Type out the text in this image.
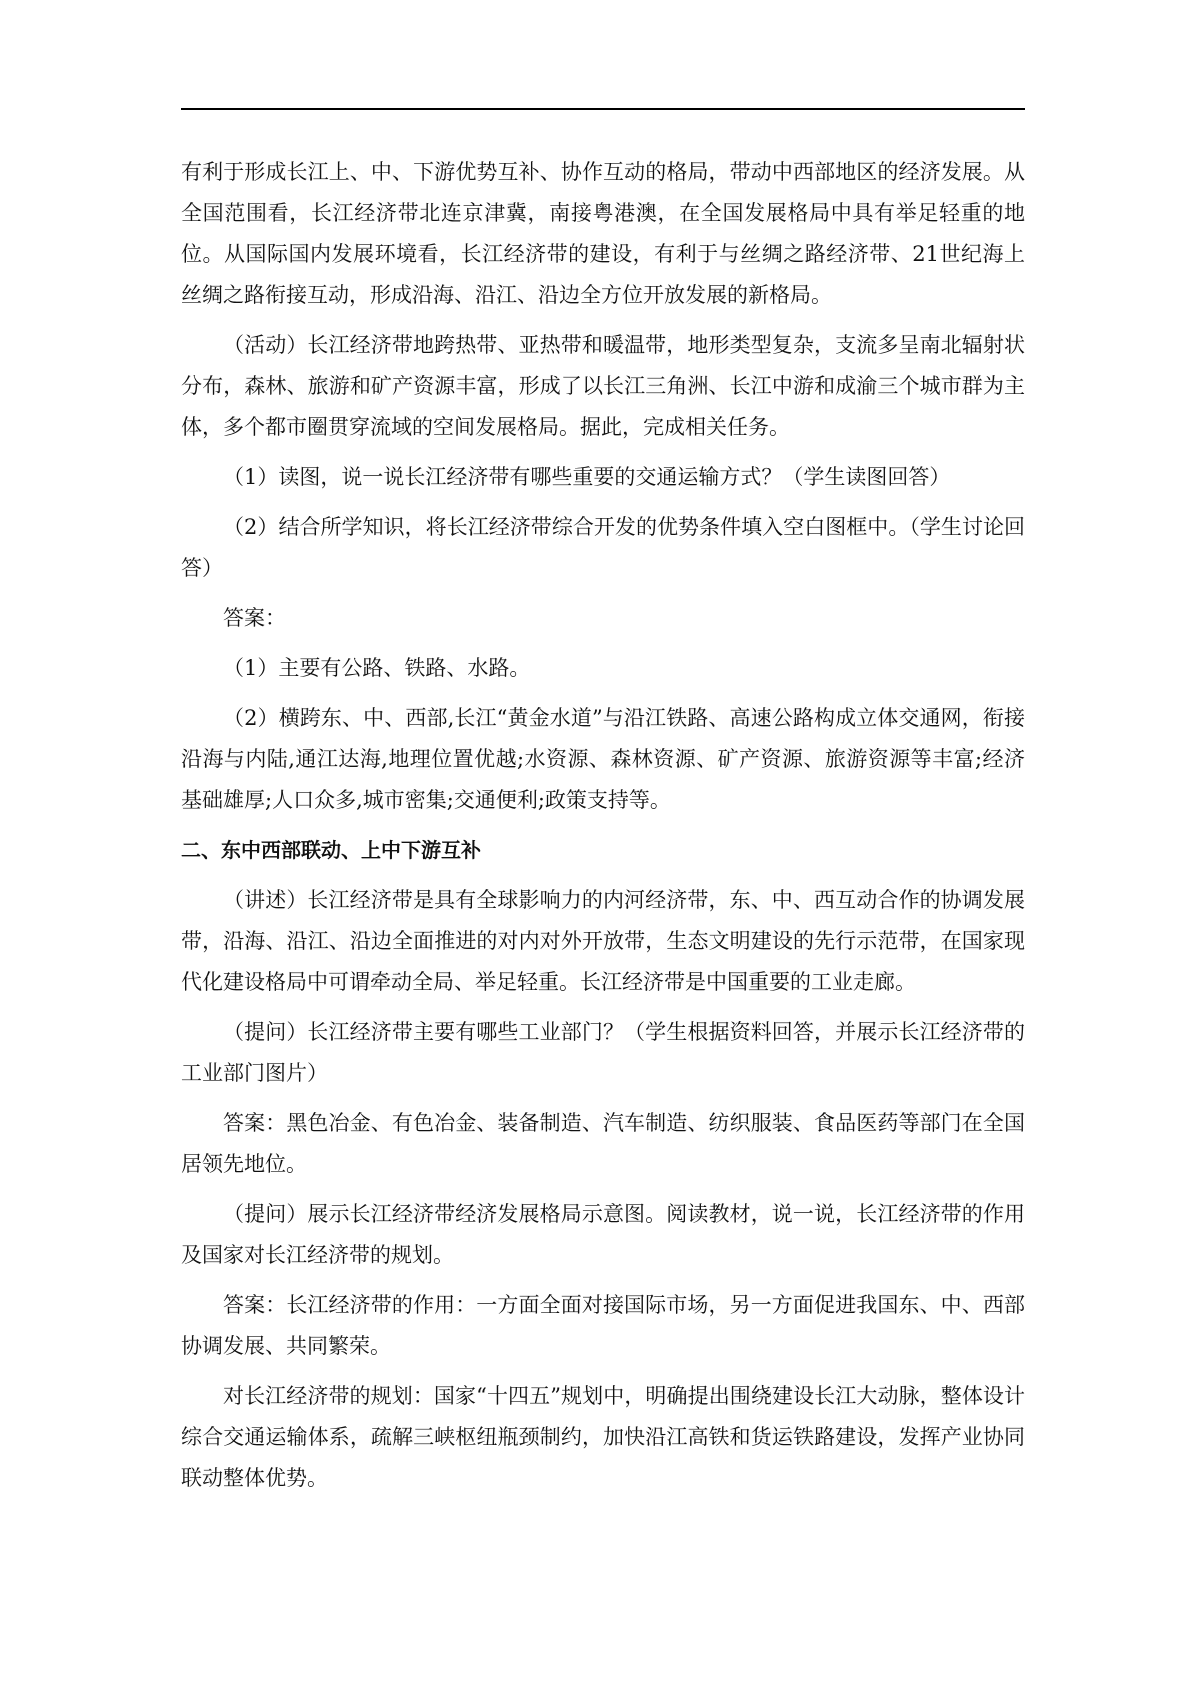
有利于形成长江上、中、下游优势互补、协作互动的格局，带动中西部地区的经济发展。从全国范围看，长江经济带北连京津冀，南接粤港澳，在全国发展格局中具有举足轻重的地位。从国际国内发展环境看，长江经济带的建设，有利于与丝绸之路经济带、21世纪海上丝绸之路衔接互动，形成沿海、沿江、沿边全方位开放发展的新格局。

（活动）长江经济带地跨热带、亚热带和暖温带，地形类型复杂，支流多呈南北辐射状分布，森林、旅游和矿产资源丰富，形成了以长江三角洲、长江中游和成渝三个城市群为主体，多个都市圈贯穿流域的空间发展格局。据此，完成相关任务。

（1）读图，说一说长江经济带有哪些重要的交通运输方式？（学生读图回答）

（2）结合所学知识，将长江经济带综合开发的优势条件填入空白图框中。（学生讨论回答）

答案：

（1）主要有公路、铁路、水路。

（2）横跨东、中、西部,长江“黄金水道”与沿江铁路、高速公路构成立体交通网，衔接沿海与内陆,通江达海,地理位置优越;水资源、森林资源、矿产资源、旅游资源等丰富;经济基础雄厚;人口众多,城市密集;交通便利;政策支持等。

二、东中西部联动、上中下游互补

（讲述）长江经济带是具有全球影响力的内河经济带，东、中、西互动合作的协调发展带，沿海、沿江、沿边全面推进的对内对外开放带，生态文明建设的先行示范带，在国家现代化建设格局中可谓牵动全局、举足轻重。长江经济带是中国重要的工业走廊。

（提问）长江经济带主要有哪些工业部门？（学生根据资料回答，并展示长江经济带的工业部门图片）

答案：黑色冶金、有色冶金、装备制造、汽车制造、纺织服装、食品医药等部门在全国居领先地位。

（提问）展示长江经济带经济发展格局示意图。阅读教材，说一说，长江经济带的作用及国家对长江经济带的规划。

答案：长江经济带的作用：一方面全面对接国际市场，另一方面促进我国东、中、西部协调发展、共同繁荣。

对长江经济带的规划：国家“十四五”规划中，明确提出围绕建设长江大动脉，整体设计综合交通运输体系，疏解三峡枢纽瓶颈制约，加快沿江高铁和货运铁路建设，发挥产业协同联动整体优势。
